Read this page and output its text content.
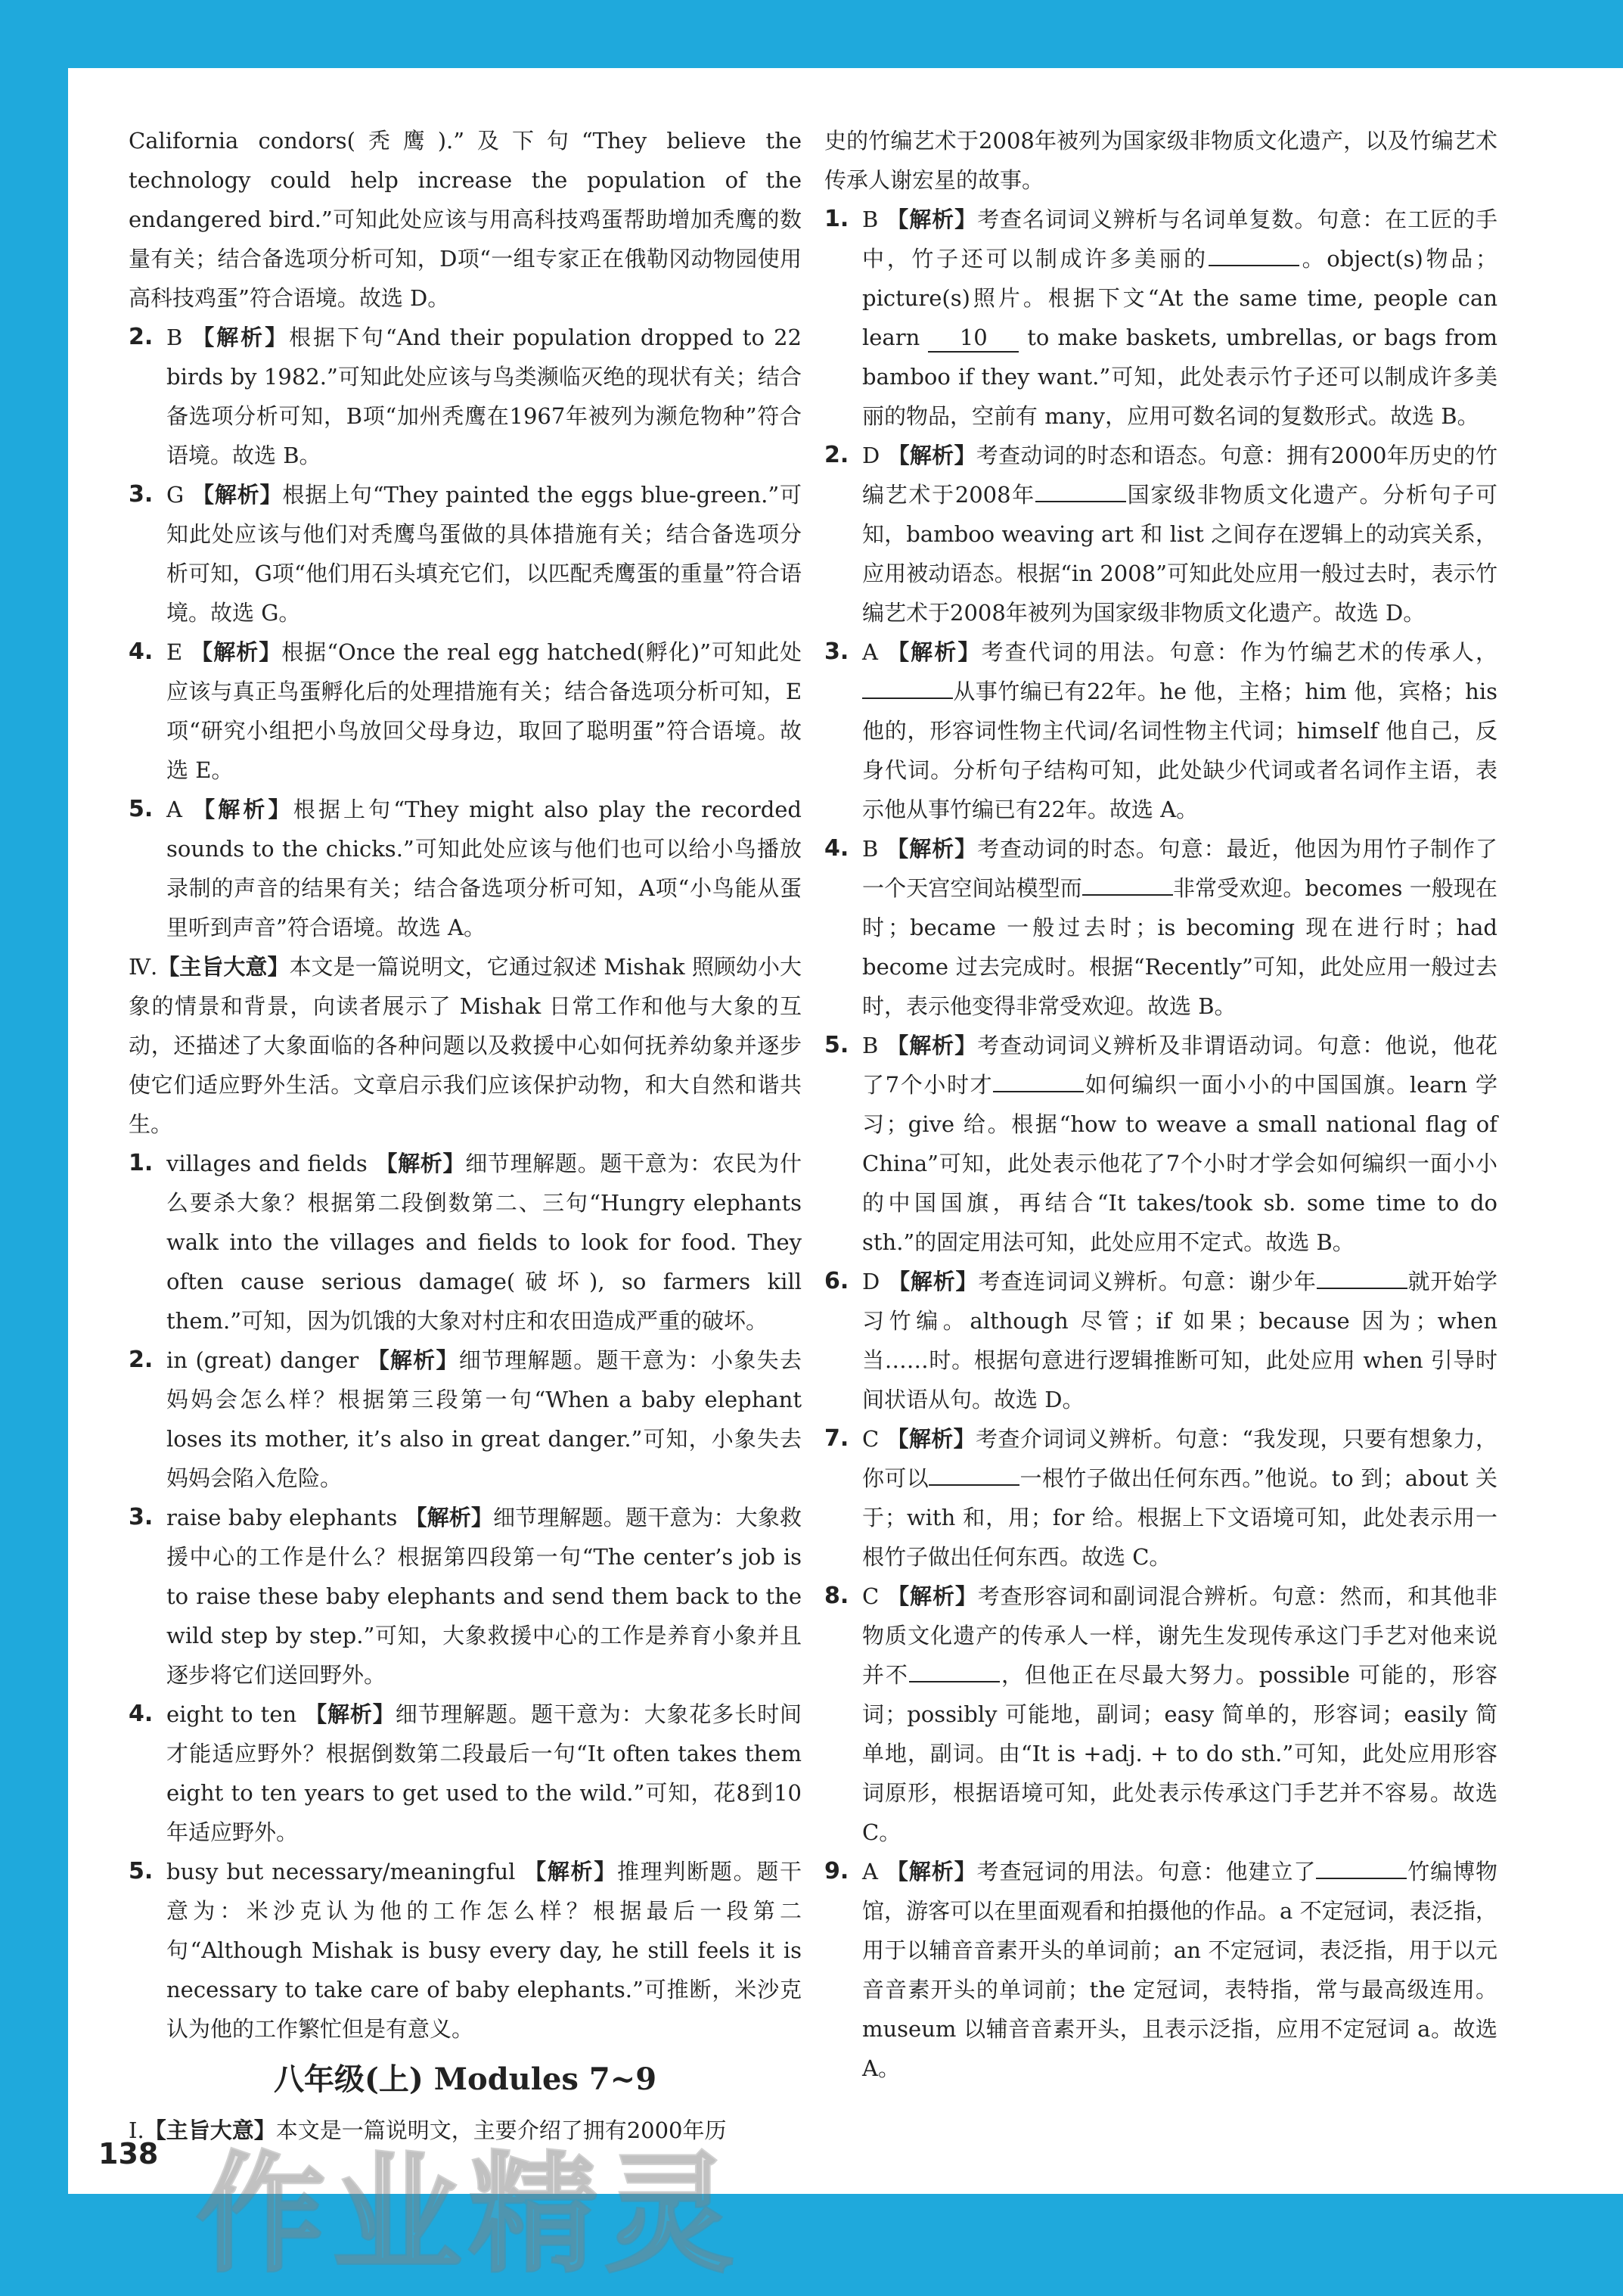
California condors(秃鹰).”及下句“They believe the technology could help increase the population of the endangered bird.”可知此处应该与用高科技鸡蛋帮助增加秃鹰的数量有关；结合备选项分析可知，D项“一组专家正在俄勒冈动物园使用高科技鸡蛋”符合语境。故选 D。

2. B 【解析】根据下句“And their population dropped to 22 birds by 1982.”可知此处应该与鸟类濒临灭绝的现状有关；结合备选项分析可知，B项“加州秃鹰在1967年被列为濒危物种”符合语境。故选 B。

3. G 【解析】根据上句“They painted the eggs blue-green.”可知此处应该与他们对秃鹰鸟蛋做的具体措施有关；结合备选项分析可知，G项“他们用石头填充它们，以匹配秃鹰蛋的重量”符合语境。故选 G。

4. E 【解析】根据“Once the real egg hatched(孵化)”可知此处应该与真正鸟蛋孵化后的处理措施有关；结合备选项分析可知，E项“研究小组把小鸟放回父母身边，取回了聪明蛋”符合语境。故选 E。

5. A 【解析】根据上句“They might also play the recorded sounds to the chicks.”可知此处应该与他们也可以给小鸟播放录制的声音的结果有关；结合备选项分析可知，A项“小鸟能从蛋里听到声音”符合语境。故选 A。

Ⅳ.【主旨大意】本文是一篇说明文，它通过叙述 Mishak 照顾幼小大象的情景和背景，向读者展示了 Mishak 日常工作和他与大象的互动，还描述了大象面临的各种问题以及救援中心如何抚养幼象并逐步使它们适应野外生活。文章启示我们应该保护动物，和大自然和谐共生。

1. villages and fields 【解析】细节理解题。题干意为：农民为什么要杀大象？根据第二段倒数第二、三句“Hungry elephants walk into the villages and fields to look for food. They often cause serious damage(破坏), so farmers kill them.”可知，因为饥饿的大象对村庄和农田造成严重的破坏。

2. in (great) danger 【解析】细节理解题。题干意为：小象失去妈妈会怎么样？根据第三段第一句“When a baby elephant loses its mother, it’s also in great danger.”可知，小象失去妈妈会陷入危险。

3. raise baby elephants 【解析】细节理解题。题干意为：大象救援中心的工作是什么？根据第四段第一句“The center’s job is to raise these baby elephants and send them back to the wild step by step.”可知，大象救援中心的工作是养育小象并且逐步将它们送回野外。

4. eight to ten 【解析】细节理解题。题干意为：大象花多长时间才能适应野外？根据倒数第二段最后一句“It often takes them eight to ten years to get used to the wild.”可知，花8到10年适应野外。

5. busy but necessary/meaningful 【解析】推理判断题。题干意为：米沙克认为他的工作怎么样？根据最后一段第二句“Although Mishak is busy every day, he still feels it is necessary to take care of baby elephants.”可推断，米沙克认为他的工作繁忙但是有意义。

八年级(上) Modules 7~9

Ⅰ.【主旨大意】本文是一篇说明文，主要介绍了拥有2000年历

史的竹编艺术于2008年被列为国家级非物质文化遗产，以及竹编艺术传承人谢宏星的故事。

1. B 【解析】考查名词词义辨析与名词单复数。句意：在工匠的手中，竹子还可以制成许多美丽的	。object(s)物品；picture(s)照片。根据下文“At the same time, people can learn 10 to make baskets, umbrellas, or bags from bamboo if they want.”可知，此处表示竹子还可以制成许多美丽的物品，空前有 many，应用可数名词的复数形式。故选 B。

2. D 【解析】考查动词的时态和语态。句意：拥有2000年历史的竹编艺术于2008年	国家级非物质文化遗产。分析句子可知，bamboo weaving art 和 list 之间存在逻辑上的动宾关系，应用被动语态。根据“in 2008”可知此处应用一般过去时，表示竹编艺术于2008年被列为国家级非物质文化遗产。故选 D。

3. A 【解析】考查代词的用法。句意：作为竹编艺术的传承人，从事竹编已有22年。he 他，主格；him 他，宾格；his 他的，形容词性物主代词/名词性物主代词；himself 他自己，反身代词。分析句子结构可知，此处缺少代词或者名词作主语，表示他从事竹编已有22年。故选 A。

4. B 【解析】考查动词的时态。句意：最近，他因为用竹子制作了一个天宫空间站模型而	非常受欢迎。becomes 一般现在时；became 一般过去时；is becoming 现在进行时；had become 过去完成时。根据“Recently”可知，此处应用一般过去时，表示他变得非常受欢迎。故选 B。

5. B 【解析】考查动词词义辨析及非谓语动词。句意：他说，他花了7个小时才	如何编织一面小小的中国国旗。learn 学习；give 给。根据“how to weave a small national flag of China”可知，此处表示他花了7个小时才学会如何编织一面小小的中国国旗，再结合“It takes/took sb. some time to do sth.”的固定用法可知，此处应用不定式。故选 B。

6. D 【解析】考查连词词义辨析。句意：谢少年	就开始学习竹编。although 尽管；if 如果；because 因为；when 当……时。根据句意进行逻辑推断可知，此处应用 when 引导时间状语从句。故选 D。

7. C 【解析】考查介词词义辨析。句意：“我发现，只要有想象力，你可以	一根竹子做出任何东西。”他说。to 到；about 关于；with 和，用；for 给。根据上下文语境可知，此处表示用一根竹子做出任何东西。故选 C。

8. C 【解析】考查形容词和副词混合辨析。句意：然而，和其他非物质文化遗产的传承人一样，谢先生发现传承这门手艺对他来说并不	，但他正在尽最大努力。possible 可能的，形容词；possibly 可能地，副词；easy 简单的，形容词；easily 简单地，副词。由“It is +adj. + to do sth.”可知，此处应用形容词原形，根据语境可知，此处表示传承这门手艺并不容易。故选 C。

9. A 【解析】考查冠词的用法。句意：他建立了	竹编博物馆，游客可以在里面观看和拍摄他的作品。a 不定冠词，表泛指，用于以辅音音素开头的单词前；an 不定冠词，表泛指，用于以元音音素开头的单词前；the 定冠词，表特指，常与最高级连用。museum 以辅音音素开头，且表示泛指，应用不定冠词 a。故选 A。

138 作业精灵
